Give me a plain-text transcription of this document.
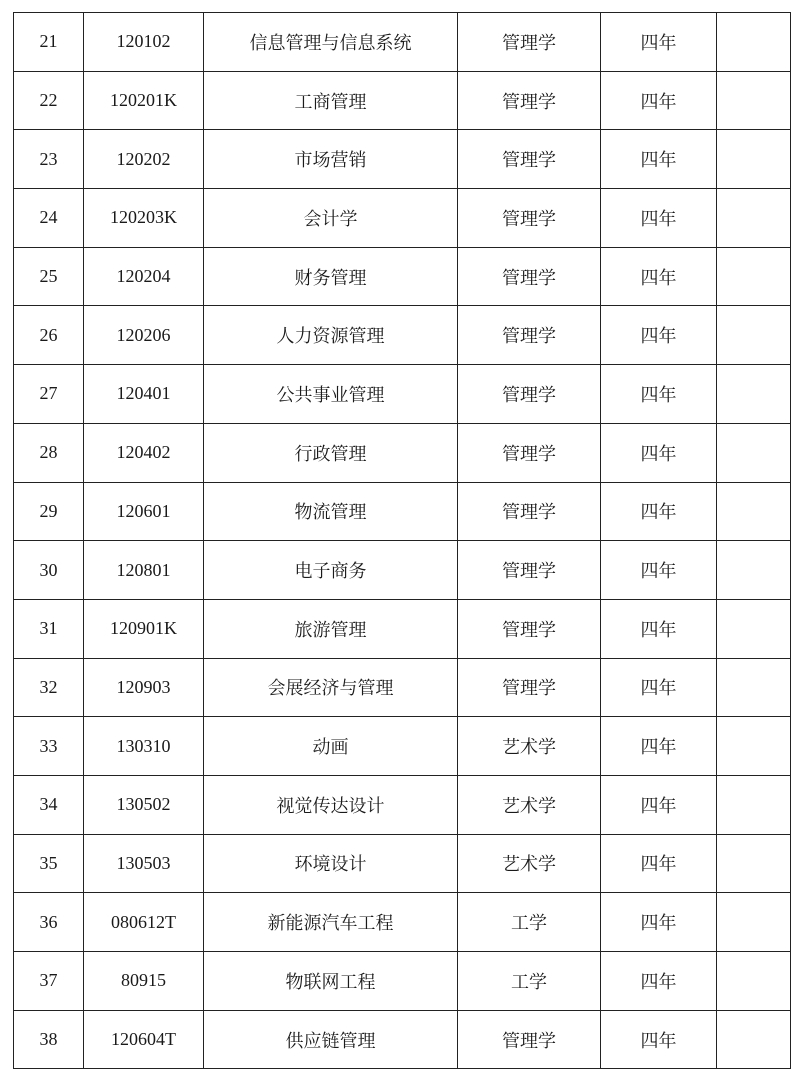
21	120102	信息管理与信息系统	管理学	四年	
22	120201K	工商管理	管理学	四年	
23	120202	市场营销	管理学	四年	
24	120203K	会计学	管理学	四年	
25	120204	财务管理	管理学	四年	
26	120206	人力资源管理	管理学	四年	
27	120401	公共事业管理	管理学	四年	
28	120402	行政管理	管理学	四年	
29	120601	物流管理	管理学	四年	
30	120801	电子商务	管理学	四年	
31	120901K	旅游管理	管理学	四年	
32	120903	会展经济与管理	管理学	四年	
33	130310	动画	艺术学	四年	
34	130502	视觉传达设计	艺术学	四年	
35	130503	环境设计	艺术学	四年	
36	080612T	新能源汽车工程	工学	四年	
37	80915	物联网工程	工学	四年	
38	120604T	供应链管理	管理学	四年	
